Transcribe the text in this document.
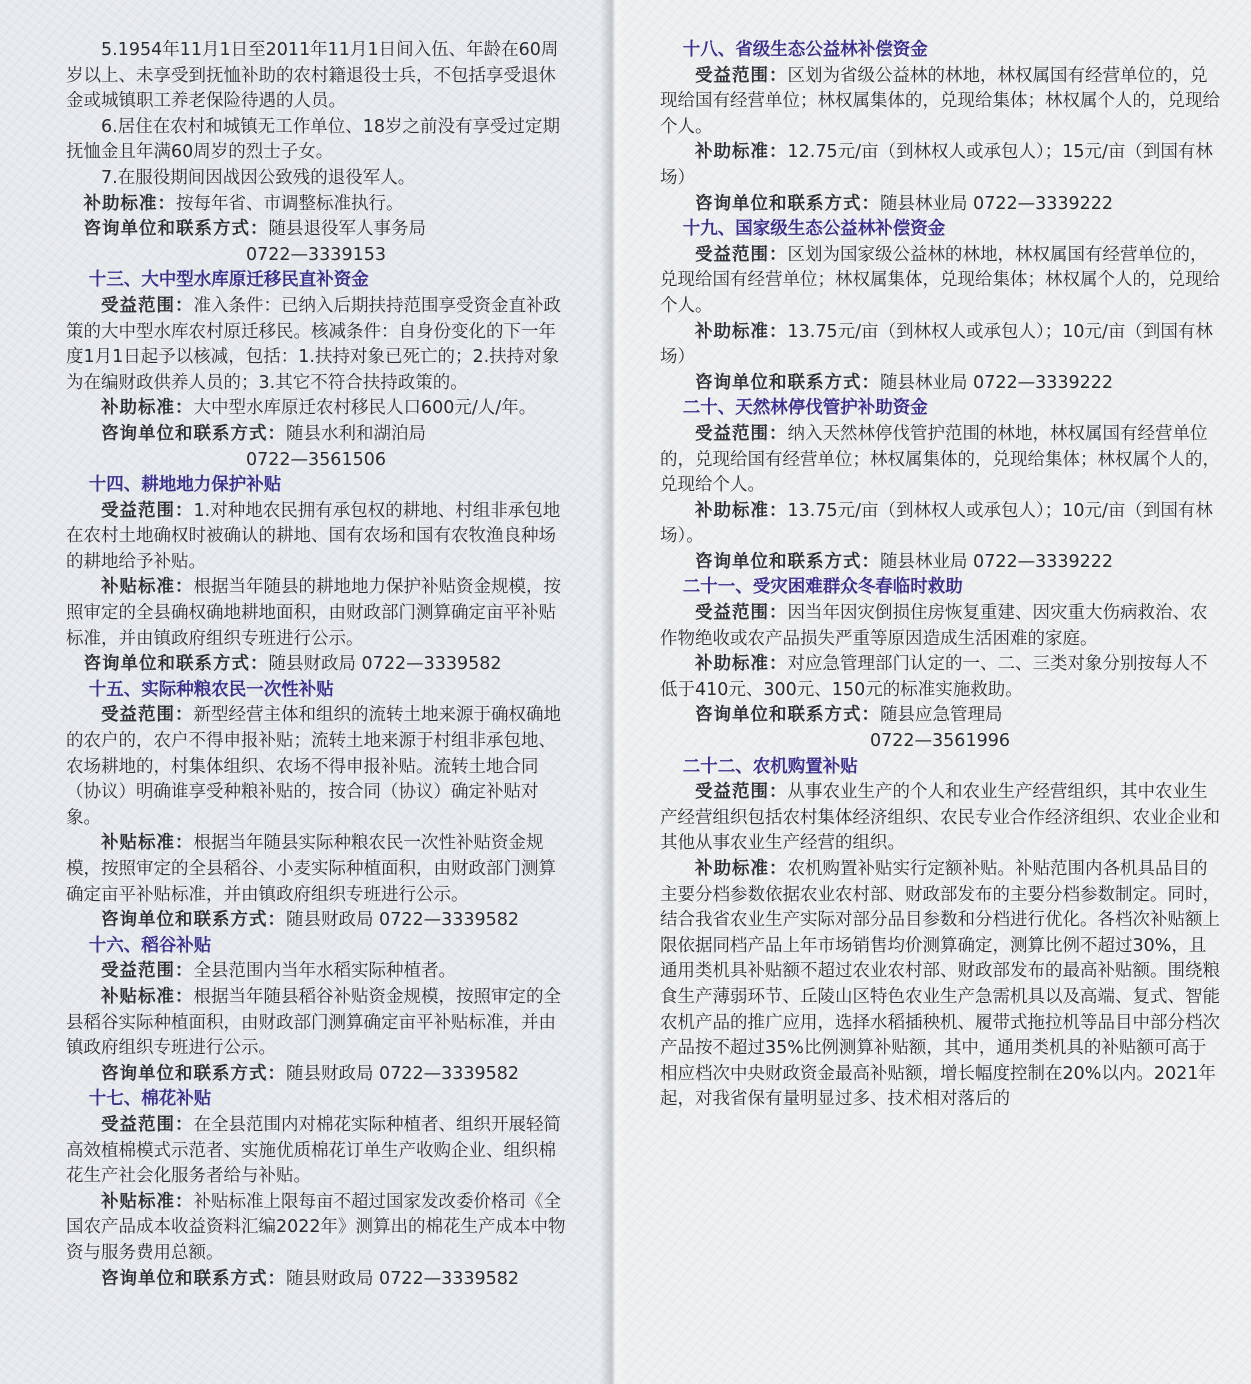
5.1954年11月1日至2011年11月1日间入伍、年龄在60周岁以上、未享受到抚恤补助的农村籍退役士兵，不包括享受退休金或城镇职工养老保险待遇的人员。

6.居住在农村和城镇无工作单位、18岁之前没有享受过定期抚恤金且年满60周岁的烈士子女。

7.在服役期间因战因公致残的退役军人。

补助标准：按每年省、市调整标准执行。

咨询单位和联系方式：随县退役军人事务局

0722—3339153

十三、大中型水库原迁移民直补资金

受益范围：准入条件：已纳入后期扶持范围享受资金直补政策的大中型水库农村原迁移民。核减条件：自身份变化的下一年度1月1日起予以核减，包括：1.扶持对象已死亡的；2.扶持对象为在编财政供养人员的；3.其它不符合扶持政策的。

补助标准：大中型水库原迁农村移民人口600元/人/年。

咨询单位和联系方式：随县水利和湖泊局

0722—3561506

十四、耕地地力保护补贴

受益范围：1.对种地农民拥有承包权的耕地、村组非承包地在农村土地确权时被确认的耕地、国有农场和国有农牧渔良种场的耕地给予补贴。

补贴标准：根据当年随县的耕地地力保护补贴资金规模，按照审定的全县确权确地耕地面积，由财政部门测算确定亩平补贴标准，并由镇政府组织专班进行公示。

咨询单位和联系方式：随县财政局 0722—3339582

十五、实际种粮农民一次性补贴

受益范围：新型经营主体和组织的流转土地来源于确权确地的农户的，农户不得申报补贴；流转土地来源于村组非承包地、农场耕地的，村集体组织、农场不得申报补贴。流转土地合同（协议）明确谁享受种粮补贴的，按合同（协议）确定补贴对象。

补贴标准：根据当年随县实际种粮农民一次性补贴资金规模，按照审定的全县稻谷、小麦实际种植面积，由财政部门测算确定亩平补贴标准，并由镇政府组织专班进行公示。

咨询单位和联系方式：随县财政局 0722—3339582

十六、稻谷补贴

受益范围：全县范围内当年水稻实际种植者。

补贴标准：根据当年随县稻谷补贴资金规模，按照审定的全县稻谷实际种植面积，由财政部门测算确定亩平补贴标准，并由镇政府组织专班进行公示。

咨询单位和联系方式：随县财政局 0722—3339582

十七、棉花补贴

受益范围：在全县范围内对棉花实际种植者、组织开展轻简高效植棉模式示范者、实施优质棉花订单生产收购企业、组织棉花生产社会化服务者给与补贴。

补贴标准：补贴标准上限每亩不超过国家发改委价格司《全国农产品成本收益资料汇编2022年》测算出的棉花生产成本中物资与服务费用总额。

咨询单位和联系方式：随县财政局 0722—3339582

十八、省级生态公益林补偿资金

受益范围：区划为省级公益林的林地，林权属国有经营单位的，兑现给国有经营单位；林权属集体的，兑现给集体；林权属个人的，兑现给个人。

补助标准：12.75元/亩（到林权人或承包人）；15元/亩（到国有林场）

咨询单位和联系方式：随县林业局 0722—3339222

十九、国家级生态公益林补偿资金

受益范围：区划为国家级公益林的林地，林权属国有经营单位的，兑现给国有经营单位；林权属集体，兑现给集体；林权属个人的，兑现给个人。

补助标准：13.75元/亩（到林权人或承包人）；10元/亩（到国有林场）

咨询单位和联系方式：随县林业局 0722—3339222

二十、天然林停伐管护补助资金

受益范围：纳入天然林停伐管护范围的林地，林权属国有经营单位的，兑现给国有经营单位；林权属集体的，兑现给集体；林权属个人的，兑现给个人。

补助标准：13.75元/亩（到林权人或承包人）；10元/亩（到国有林场）。

咨询单位和联系方式：随县林业局 0722—3339222

二十一、受灾困难群众冬春临时救助

受益范围：因当年因灾倒损住房恢复重建、因灾重大伤病救治、农作物绝收或农产品损失严重等原因造成生活困难的家庭。

补助标准：对应急管理部门认定的一、二、三类对象分别按每人不低于410元、300元、150元的标准实施救助。

咨询单位和联系方式：随县应急管理局

0722—3561996

二十二、农机购置补贴

受益范围：从事农业生产的个人和农业生产经营组织，其中农业生产经营组织包括农村集体经济组织、农民专业合作经济组织、农业企业和其他从事农业生产经营的组织。

补助标准：农机购置补贴实行定额补贴。补贴范围内各机具品目的主要分档参数依据农业农村部、财政部发布的主要分档参数制定。同时，结合我省农业生产实际对部分品目参数和分档进行优化。各档次补贴额上限依据同档产品上年市场销售均价测算确定，测算比例不超过30%，且通用类机具补贴额不超过农业农村部、财政部发布的最高补贴额。围绕粮食生产薄弱环节、丘陵山区特色农业生产急需机具以及高端、复式、智能农机产品的推广应用，选择水稻插秧机、履带式拖拉机等品目中部分档次产品按不超过35%比例测算补贴额，其中，通用类机具的补贴额可高于相应档次中央财政资金最高补贴额，增长幅度控制在20%以内。2021年起，对我省保有量明显过多、技术相对落后的
